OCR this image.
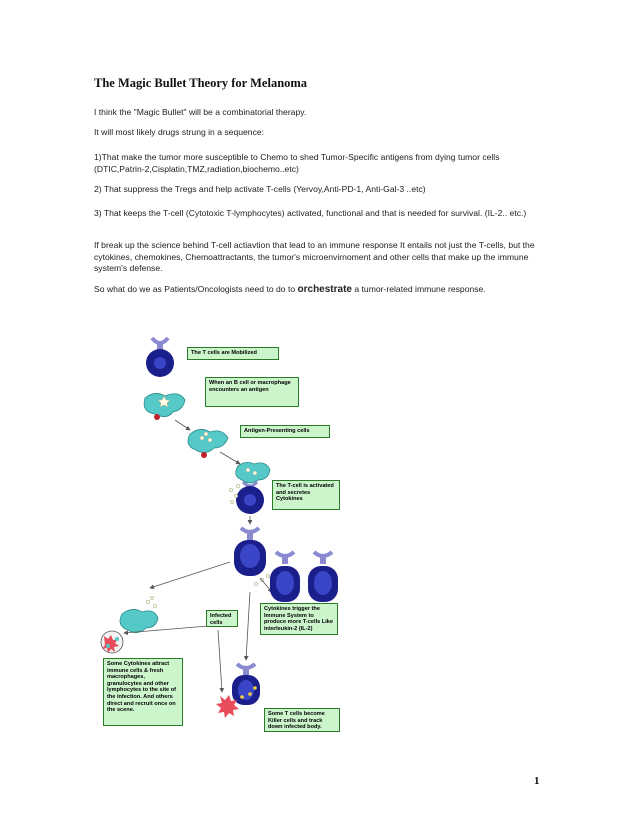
The Magic Bullet Theory for Melanoma
I think the "Magic Bullet" will be a combinatorial therapy.
It will most likely drugs strung in a sequence:
1)That make the tumor more susceptible to Chemo to shed Tumor-Specific antigens from dying tumor cells (DTIC,Patrin-2,Cisplatin,TMZ,radiation,biochemo..etc)
2) That suppress the Tregs and help activate T-cells (Yervoy,Anti-PD-1, Anti-Gal-3 ..etc)
3) That keeps the T-cell (Cytotoxic T-lymphocytes) activated, functional and that is needed for survival. (IL-2.. etc.)
If break up the science behind T-cell actiavtion that lead to an immune response It entails not just the T-cells, but the cytokines, chemokines, Chemoattractants, the tumor's microenvirnoment and other cells that make up the immune system's defense.
So what do we as Patients/Oncologists need to do to orchestrate a tumor-related immune response.
The T cells are Mobilized
When an B cell or macrophage encounters an antigen
Antigen-Presenting cells
The T-cell is activated and secretes Cytokines
Infected cells
Cytokines trigger the Immune System to produce more T-cells Like interleukin-2 (IL-2)
Some Cytokines attract immune cells & fresh macrophages, granulocytes and other lymphocytes to the site of the infection. And others direct and recruit once on the scene.
Some T cells become Killer cells and track down infected body.
1
